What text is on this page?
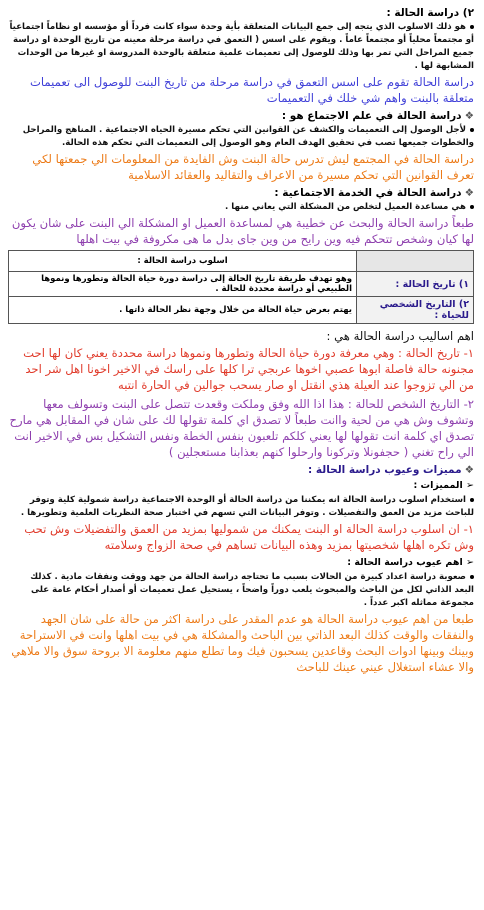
٢) دراسة الحالة :

هو ذلك الاسلوب الذي يتجه إلى جمع البيانات المتعلقة بأية وحدة سواء كانت فرداً أو مؤسسه او نظاماً اجتماعياً أو مجتمعاً محلياً أو مجتمعاً عاماً . ويقوم على اسس ( التعمق في دراسة مرحلة معينه من تاريخ الوحدة او دراسة جميع المراحل التي تمر بها وذلك للوصول إلى تعميمات علمية متعلقة بالوحدة المدروسة او غيرها من الوحدات المشابهة لها .

دراسة الحالة تقوم على اسس التعمق في دراسة مرحلة من تاريخ البنت للوصول الى تعميمات متعلقة بالبنت واهم شي خلك في التعميمات

❖دراسة الحالة في علم الاجتماع هو :

لأجل الوصول إلى التعميمات والكشف عن القوانين التي تحكم مسيرة الحياه الاجتماعية . المناهج والمراحل والخطوات جميعها تصب في تحقيق الهدف العام وهو الوصول إلى التعميمات التي تحكم هذه الحالة.

دراسة الحالة في المجتمع ليش تدرس حالة البنت وش الفايدة من المعلومات الي جمعتها لكي تعرف القوانين التي تحكم مسيرة من الاعراف والتقاليد والعقائد الاسلامية

❖دراسة الحالة في الخدمة الاجتماعية :

هي مساعدة العميل لتخلص من المشكلة التي يعاني منها .

طبعاً دراسة الحالة والبحث عن خطيبة هي لمساعدة العميل او المشكلة الي البنت على شان يكون لها كيان وشخص تتحكم فيه وين رايح من وين جاى بدل ما هى مكروفة في بيت اهلها

	اسلوب دراسة الحالة :
١) تاريخ الحالة :	وهو تهدف طريقة تاريخ الحالة إلى دراسة دورة حياة الحالة وتطورها ونموها الطبيعي أو دراسة محددة للحالة .
٢) التاريخ الشخصي للحياة :	يهتم بعرض حياة الحالة من خلال وجهة نظر الحالة ذاتها .

اهم اساليب دراسة الحالة هي :

١- تاريخ الحالة : وهي معرفة دورة حياة الحالة وتطورها ونموها دراسة محددة يعني كان لها احت مجنونه حالة فاصلة ابوها عصبي اخوها عربجي ترا كلها على راسك في الاخير اخونا اهل شر احد من الي تزوجوا عند العيلة هذي انقتل او صار يسحب جوالين في الحارة انتبه

٢- التاريخ الشخص للحالة : هذا اذا الله وفق وملكت وقعدت تتصل على البنت وتسولف معها وتشوف وش هي من لحية واانت طبعاً لا تصدق اي كلمة تقولها لك على شان في المقابل هي مارح تصدق اي كلمة انت تقولها لها يعني كلكم تلعبون بنفس الخطة ونفس التشكيل بس في الاخير انت الي راح تغني ( حجفونلا وتركونا وارحلوا كنهم بعذابنا مستعجلين )

❖مميزات وعيوب دراسة الحالة :
➢ المميزات :

استخدام اسلوب دراسة الحالة انه يمكننا من دراسة الحالة أو الوحدة الاجتماعية دراسة شمولية كلية وتوفر للباحث مزيد من العمق والتفصيلات . وتوفر البيانات التي تسهم في اختبار صحة النظريات العلمية وتطويرها .

١- ان اسلوب دراسة الحالة او البنت يمكنك من شموليها بمزيد من العمق والتفضيلات وش تحب وش تكره اهلها شخصيتها بمزيد وهذه البيانات تساهم في صحة الزواج وسلامته

➢ اهم عيوب دراسة الحالة :

صعوبة دراسة اعداد كبيرة من الحالات بسبب ما تحتاجه دراسة الحالة من جهد ووقت ونفقات مادية . كذلك البعد الذاتي لكل من الباحث والمبحوث يلعب دوراً واضحاً ، يستحيل عمل تعميمات أو أصدار أحكام عامة على مجموعة مماثله اكبر عدداً .

طبعا من اهم عيوب دراسة الحالة هو عدم المقدر على دراسة اكثر من حالة على شان الجهد والنفقات والوقت كذلك البعد الذاتي بين الباحث والمشكلة هي في بيت اهلها وانت في الاستراحة وبينك وبينها ادوات البحث وقاعدين يسحبون فيك وما تطلع منهم معلومة الا بروحة سوق والا ملاهي والا عشاء استغلال عيني عينك للباحث
